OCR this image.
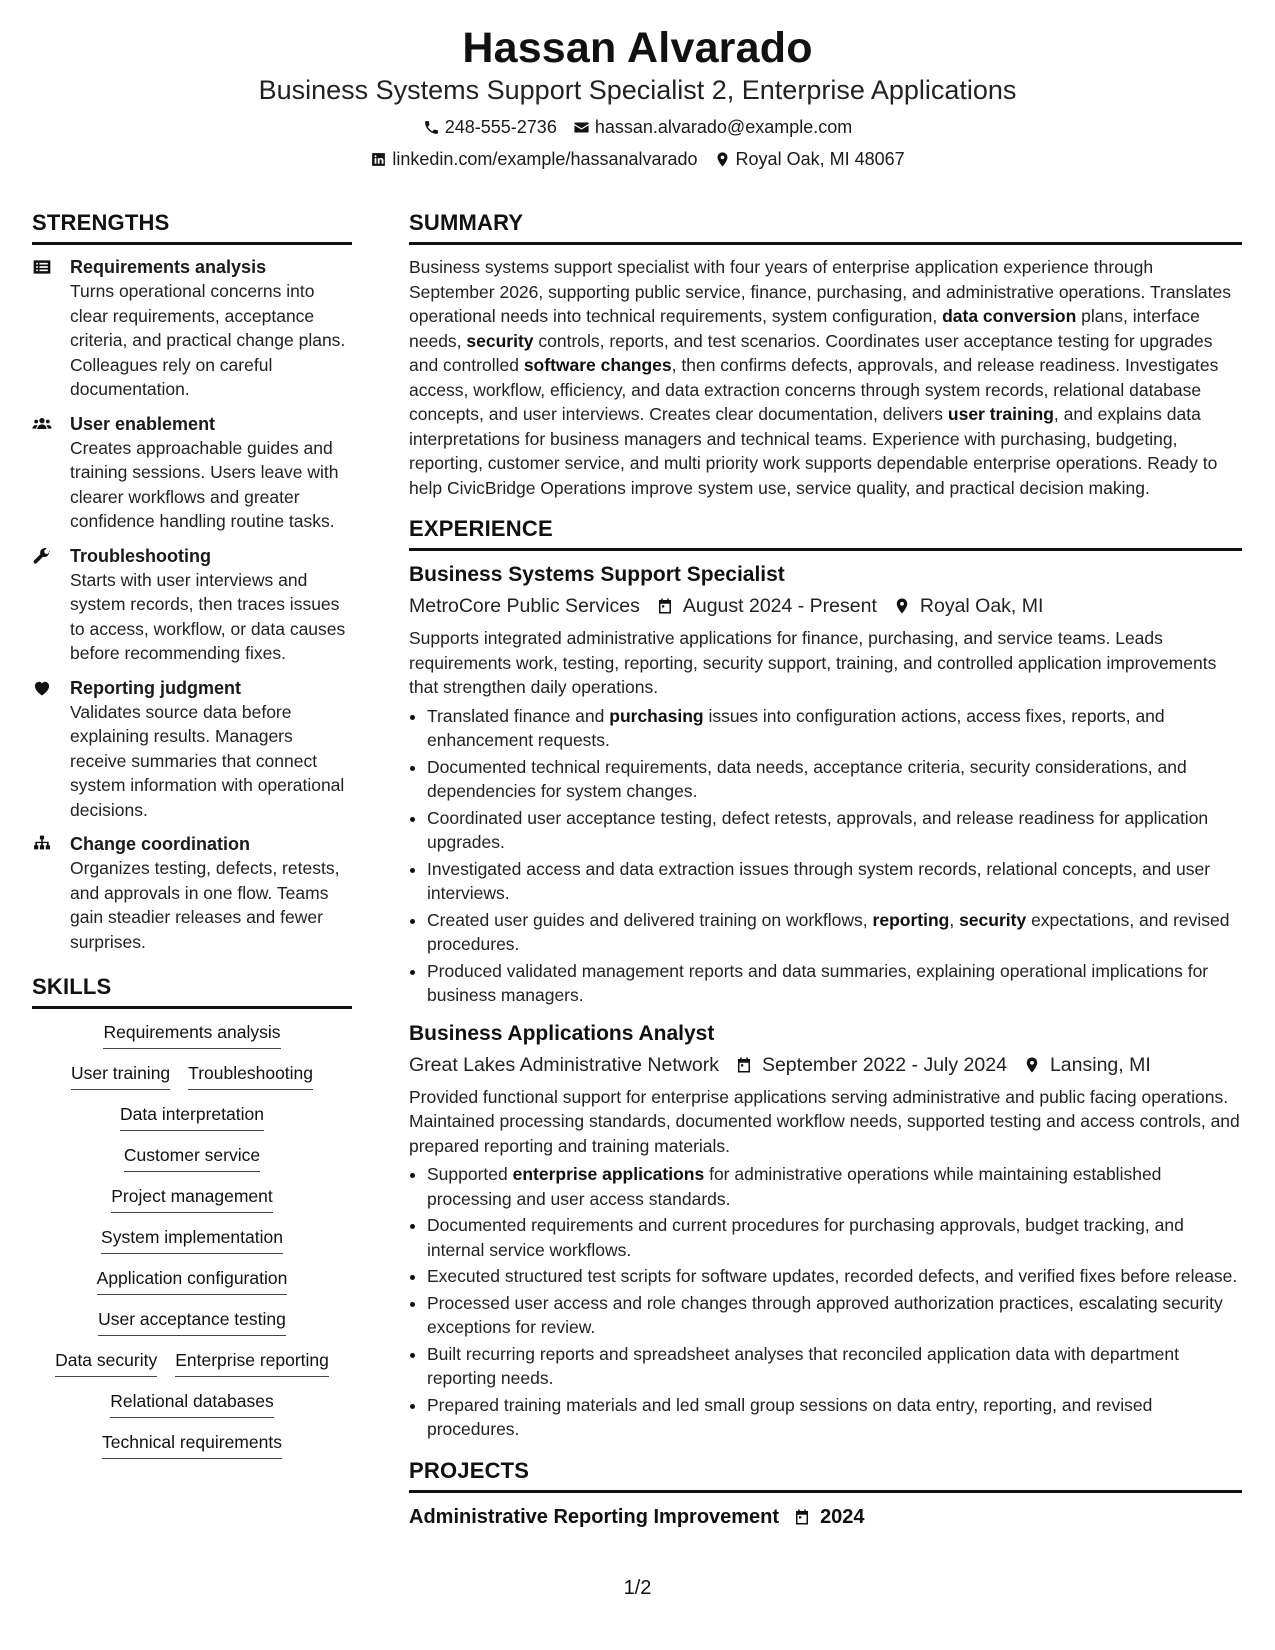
Hassan Alvarado
Business Systems Support Specialist 2, Enterprise Applications
248-555-2736 hassan.alvarado@example.com
linkedin.com/example/hassanalvarado Royal Oak, MI 48067
STRENGTHS
Requirements analysis
Turns operational concerns into clear requirements, acceptance criteria, and practical change plans. Colleagues rely on careful documentation.
User enablement
Creates approachable guides and training sessions. Users leave with clearer workflows and greater confidence handling routine tasks.
Troubleshooting
Starts with user interviews and system records, then traces issues to access, workflow, or data causes before recommending fixes.
Reporting judgment
Validates source data before explaining results. Managers receive summaries that connect system information with operational decisions.
Change coordination
Organizes testing, defects, retests, and approvals in one flow. Teams gain steadier releases and fewer surprises.
SKILLS
Requirements analysis
User training Troubleshooting
Data interpretation
Customer service
Project management
System implementation
Application configuration
User acceptance testing
Data security Enterprise reporting
Relational databases
Technical requirements
SUMMARY

Business systems support specialist with four years of enterprise application experience through September 2026, supporting public service, finance, purchasing, and administrative operations. Translates operational needs into technical requirements, system configuration, data conversion plans, interface needs, security controls, reports, and test scenarios. Coordinates user acceptance testing for upgrades and controlled software changes, then confirms defects, approvals, and release readiness. Investigates access, workflow, efficiency, and data extraction concerns through system records, relational database concepts, and user interviews. Creates clear documentation, delivers user training, and explains data interpretations for business managers and technical teams. Experience with purchasing, budgeting, reporting, customer service, and multi priority work supports dependable enterprise operations. Ready to help CivicBridge Operations improve system use, service quality, and practical decision making.

EXPERIENCE
Business Systems Support Specialist
MetroCore Public Services August 2024 - Present Royal Oak, MI

Supports integrated administrative applications for finance, purchasing, and service teams. Leads requirements work, testing, reporting, security support, training, and controlled application improvements that strengthen daily operations.

• Translated finance and purchasing issues into configuration actions, access fixes, reports, and enhancement requests.
• Documented technical requirements, data needs, acceptance criteria, security considerations, and dependencies for system changes.
• Coordinated user acceptance testing, defect retests, approvals, and release readiness for application upgrades.
• Investigated access and data extraction issues through system records, relational concepts, and user interviews.
• Created user guides and delivered training on workflows, reporting, security expectations, and revised procedures.
• Produced validated management reports and data summaries, explaining operational implications for business managers.
Business Applications Analyst
Great Lakes Administrative Network September 2022 - July 2024 Lansing, MI

Provided functional support for enterprise applications serving administrative and public facing operations. Maintained processing standards, documented workflow needs, supported testing and access controls, and prepared reporting and training materials.

• Supported enterprise applications for administrative operations while maintaining established processing and user access standards.
• Documented requirements and current procedures for purchasing approvals, budget tracking, and internal service workflows.
• Executed structured test scripts for software updates, recorded defects, and verified fixes before release.
• Processed user access and role changes through approved authorization practices, escalating security exceptions for review.
• Built recurring reports and spreadsheet analyses that reconciled application data with department reporting needs.
• Prepared training materials and led small group sessions on data entry, reporting, and revised procedures.
PROJECTS
Administrative Reporting Improvement 2024
1/2
